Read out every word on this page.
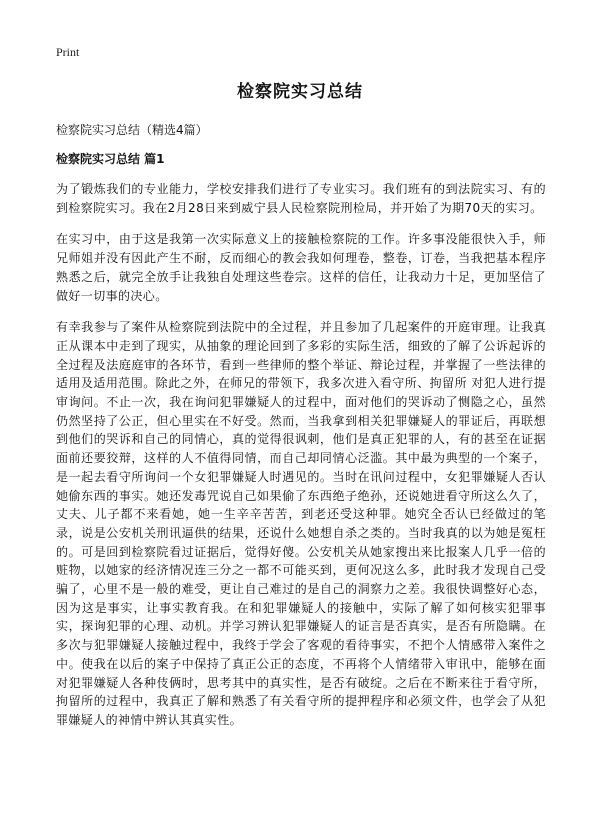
Print
检察院实习总结
检察院实习总结（精选4篇）
检察院实习总结 篇1

为了锻炼我们的专业能力，学校安排我们进行了专业实习。我们班有的到法院实习、有的到检察院实习。我在2月28日来到威宁县人民检察院刑检局，并开始了为期70天的实习。

在实习中，由于这是我第一次实际意义上的接触检察院的工作。许多事没能很快入手，师兄师姐并没有因此产生不耐，反而细心的教会我如何理卷，整卷，订卷，当我把基本程序熟悉之后，就完全放手让我独自处理这些卷宗。这样的信任，让我动力十足，更加坚信了做好一切事的决心。

有幸我参与了案件从检察院到法院中的全过程，并且参加了几起案件的开庭审理。让我真正从课本中走到了现实，从抽象的理论回到了多彩的实际生活，细致的了解了公诉起诉的全过程及法庭庭审的各环节，看到一些律师的整个举证、辩论过程，并掌握了一些法律的适用及适用范围。除此之外，在师兄的带领下，我多次进入看守所、拘留所 对犯人进行提审询问。不止一次，我在询问犯罪嫌疑人的过程中，面对他们的哭诉动了恻隐之心，虽然仍然坚持了公正，但心里实在不好受。然而，当我拿到相关犯罪嫌疑人的罪证后，再联想到他们的哭诉和自己的同情心，真的觉得很讽刺，他们是真正犯罪的人，有的甚至在证据面前还要狡辩，这样的人不值得同情，而自己却同情心泛滥。其中最为典型的一个案子，是一起去看守所询问一个女犯罪嫌疑人时遇见的。当时在讯问过程中，女犯罪嫌疑人否认她偷东西的事实。她还发毒咒说自己如果偷了东西绝子绝孙，还说她进看守所这么久了，丈夫、儿子都不来看她，她一生辛辛苦苦，到老还受这种罪。她究全否认已经做过的笔录，说是公安机关刑讯逼供的结果，还说什么她想自杀之类的。当时我真的以为她是冤枉的。可是回到检察院看过证据后，觉得好傻。公安机关从她家搜出来比报案人几乎一倍的赃物，以她家的经济情况连三分之一都不可能买到，更何况这么多，此时我才发现自己受骗了，心里不是一般的难受，更让自己难过的是自己的洞察力之差。我很快调整好心态，因为这是事实，让事实教育我。在和犯罪嫌疑人的接触中，实际了解了如何核实犯罪事实，探询犯罪的心理、动机。并学习辨认犯罪嫌疑人的证言是否真实，是否有所隐瞒。在多次与犯罪嫌疑人接触过程中，我终于学会了客观的看待事实，不把个人情感带入案件之中。使我在以后的案子中保持了真正公正的态度，不再将个人情绪带入审讯中，能够在面对犯罪嫌疑人各种伎俩时，思考其中的真实性，是否有破绽。之后在不断来往于看守所，拘留所的过程中，我真正了解和熟悉了有关看守所的提押程序和必须文件，也学会了从犯罪嫌疑人的神情中辨认其真实性。
